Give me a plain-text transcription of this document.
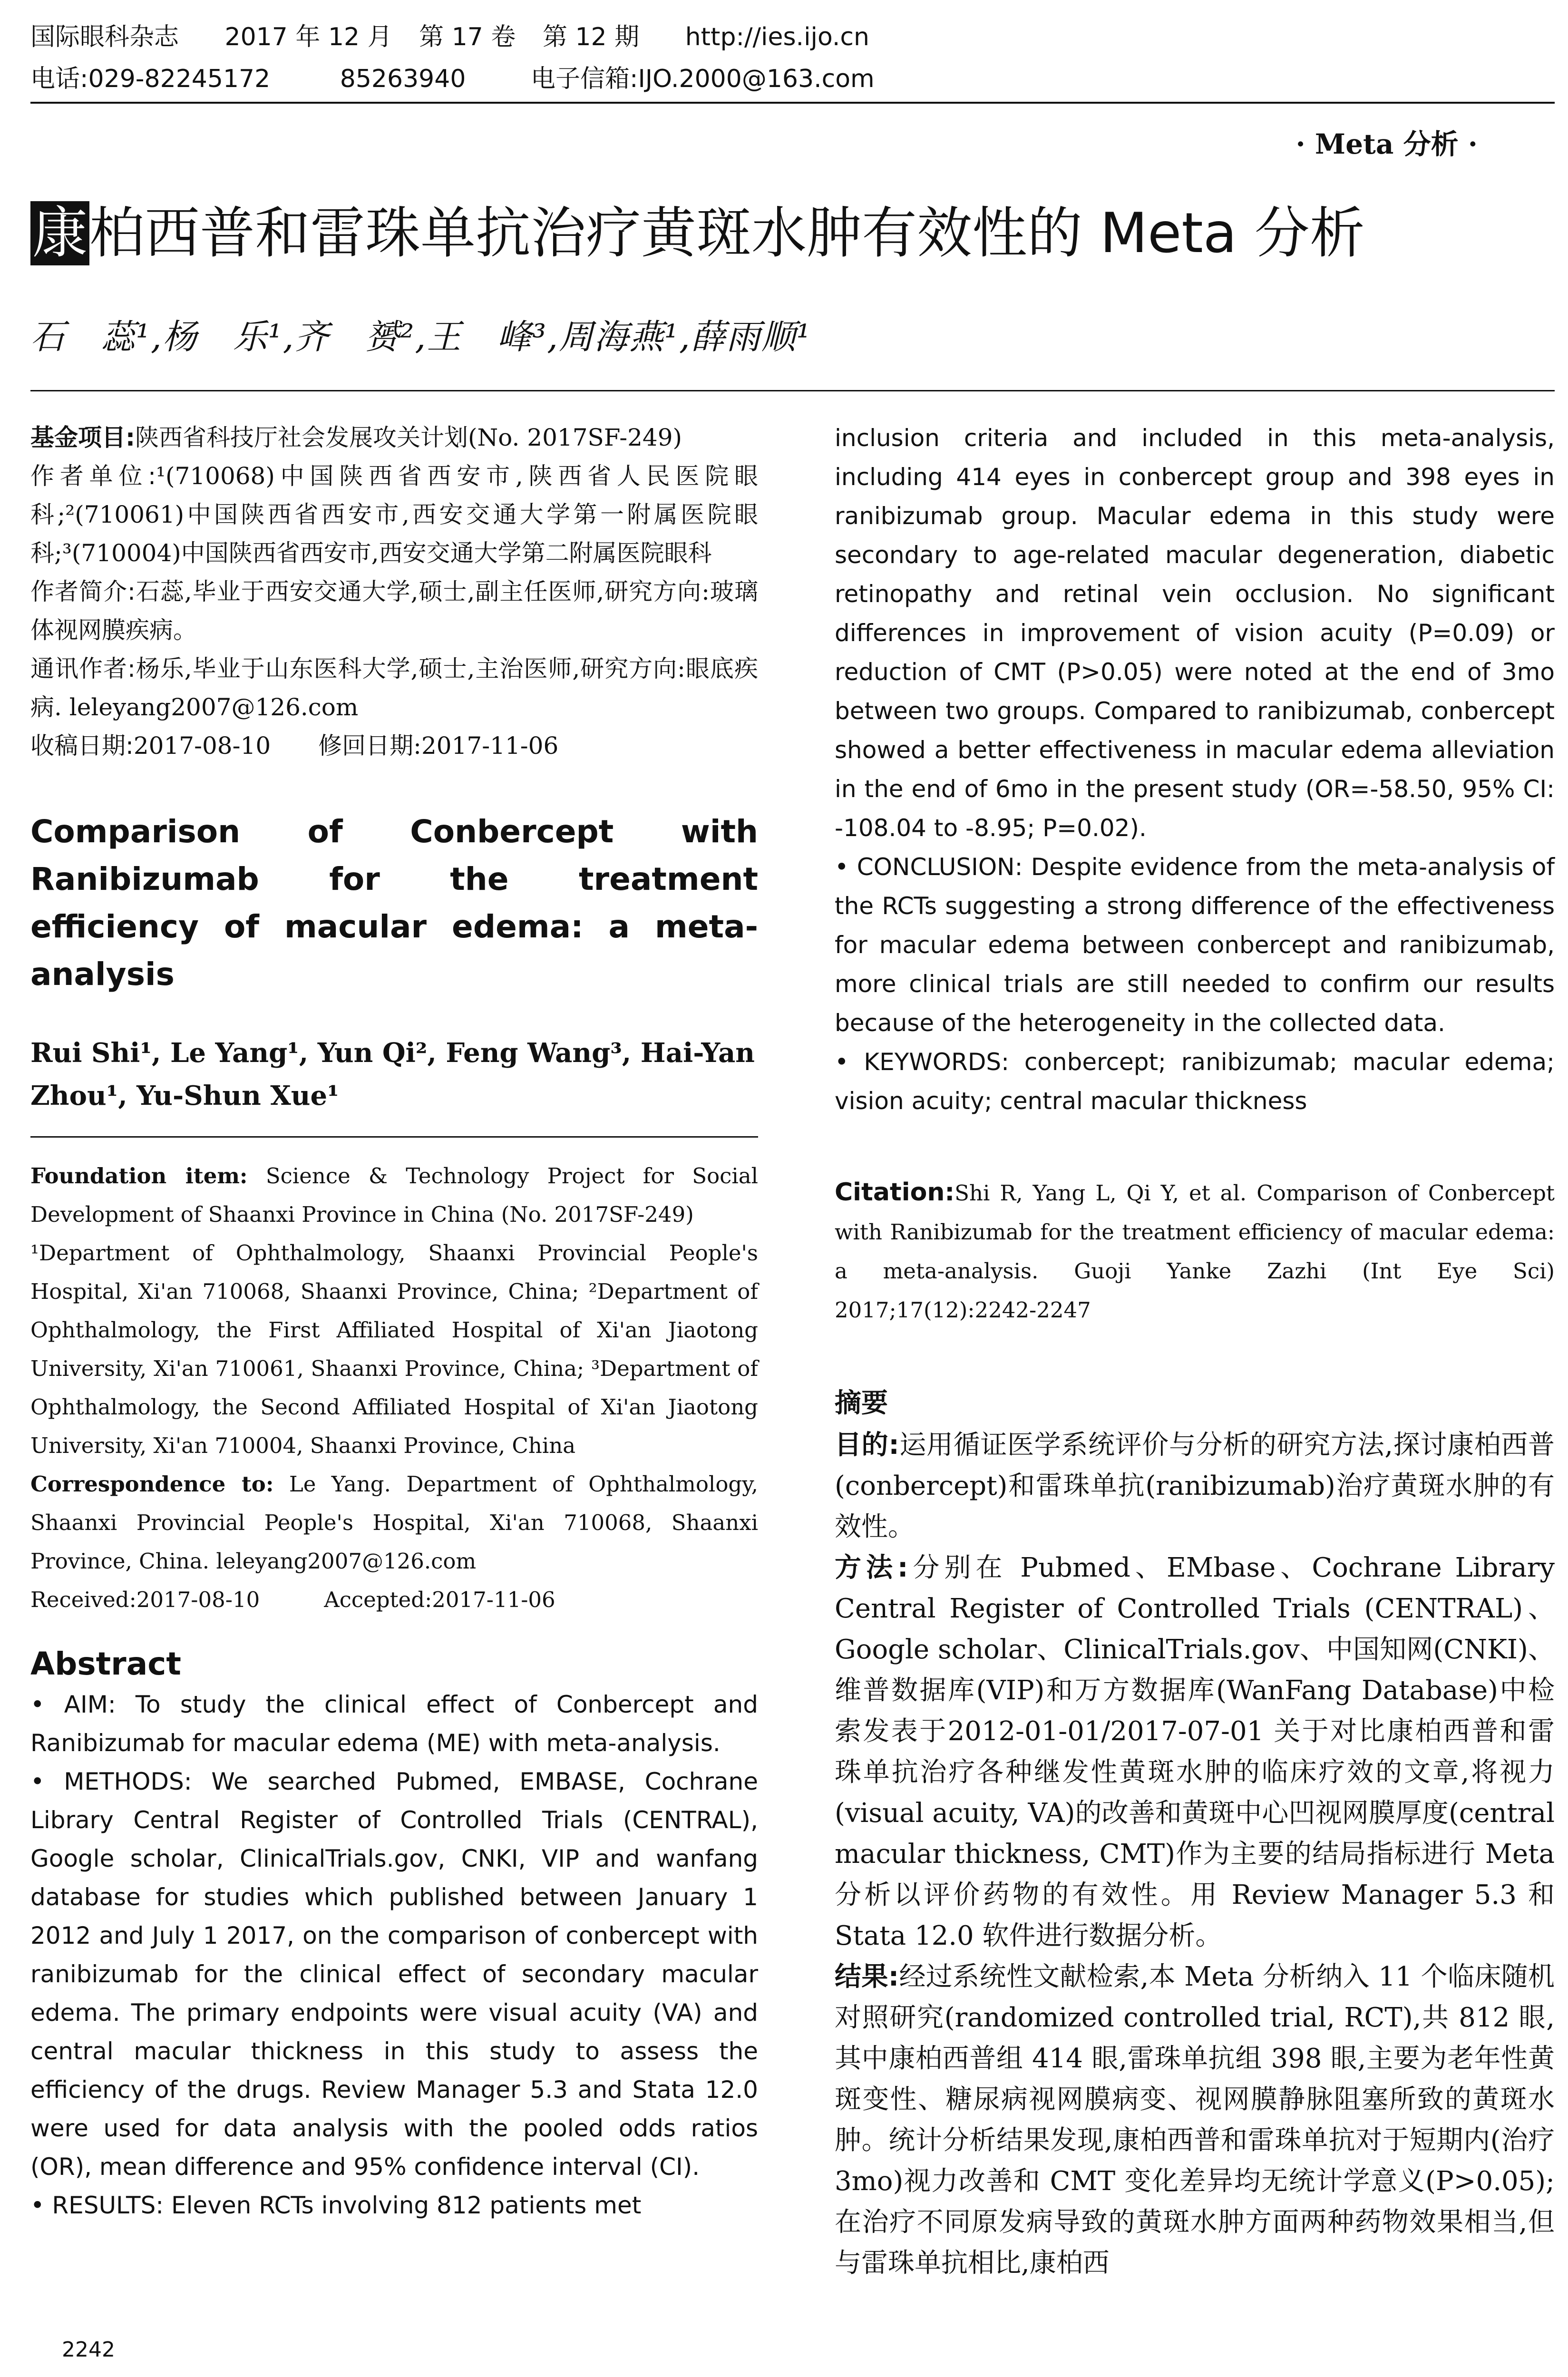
国际眼科杂志 2017 年 12 月 第 17 卷 第 12 期 http://ies.ijo.cn
电话:029-82245172	85263940	电子信箱:IJO.2000@163.com
· Meta 分析 ·
康柏西普和雷珠单抗治疗黄斑水肿有效性的 Meta 分析
石　蕊¹,杨　乐¹,齐　赟²,王　峰³,周海燕¹,薛雨顺¹

基金项目:陕西省科技厅社会发展攻关计划(No. 2017SF-249)

作者单位:¹(710068)中国陕西省西安市,陕西省人民医院眼科;²(710061)中国陕西省西安市,西安交通大学第一附属医院眼科;³(710004)中国陕西省西安市,西安交通大学第二附属医院眼科

作者简介:石蕊,毕业于西安交通大学,硕士,副主任医师,研究方向:玻璃体视网膜疾病。

通讯作者:杨乐,毕业于山东医科大学,硕士,主治医师,研究方向:眼底疾病. leleyang2007@126.com

收稿日期:2017-08-10　　修回日期:2017-11-06

Comparison of Conbercept with Ranibizumab for the treatment efficiency of macular edema: a meta-analysis
Rui Shi¹, Le Yang¹, Yun Qi², Feng Wang³, Hai-Yan Zhou¹, Yu-Shun Xue¹

Foundation item: Science & Technology Project for Social Development of Shaanxi Province in China (No. 2017SF-249)

¹Department of Ophthalmology, Shaanxi Provincial People's Hospital, Xi'an 710068, Shaanxi Province, China; ²Department of Ophthalmology, the First Affiliated Hospital of Xi'an Jiaotong University, Xi'an 710061, Shaanxi Province, China; ³Department of Ophthalmology, the Second Affiliated Hospital of Xi'an Jiaotong University, Xi'an 710004, Shaanxi Province, China

Correspondence to: Le Yang. Department of Ophthalmology, Shaanxi Provincial People's Hospital, Xi'an 710068, Shaanxi Province, China. leleyang2007@126.com

Received:2017-08-10　　　Accepted:2017-11-06

Abstract

• AIM: To study the clinical effect of Conbercept and Ranibizumab for macular edema (ME) with meta-analysis.

• METHODS: We searched Pubmed, EMBASE, Cochrane Library Central Register of Controlled Trials (CENTRAL), Google scholar, ClinicalTrials.gov, CNKI, VIP and wanfang database for studies which published between January 1 2012 and July 1 2017, on the comparison of conbercept with ranibizumab for the clinical effect of secondary macular edema. The primary endpoints were visual acuity (VA) and central macular thickness in this study to assess the efficiency of the drugs. Review Manager 5.3 and Stata 12.0 were used for data analysis with the pooled odds ratios (OR), mean difference and 95% confidence interval (CI).

• RESULTS: Eleven RCTs involving 812 patients met

inclusion criteria and included in this meta-analysis, including 414 eyes in conbercept group and 398 eyes in ranibizumab group. Macular edema in this study were secondary to age-related macular degeneration, diabetic retinopathy and retinal vein occlusion. No significant differences in improvement of vision acuity (P=0.09) or reduction of CMT (P>0.05) were noted at the end of 3mo between two groups. Compared to ranibizumab, conbercept showed a better effectiveness in macular edema alleviation in the end of 6mo in the present study (OR=-58.50, 95% CI: -108.04 to -8.95; P=0.02).

• CONCLUSION: Despite evidence from the meta-analysis of the RCTs suggesting a strong difference of the effectiveness for macular edema between conbercept and ranibizumab, more clinical trials are still needed to confirm our results because of the heterogeneity in the collected data.

• KEYWORDS: conbercept; ranibizumab; macular edema; vision acuity; central macular thickness

Citation:Shi R, Yang L, Qi Y, et al. Comparison of Conbercept with Ranibizumab for the treatment efficiency of macular edema: a meta-analysis. Guoji Yanke Zazhi (Int Eye Sci) 2017;17(12):2242-2247
摘要

目的:运用循证医学系统评价与分析的研究方法,探讨康柏西普(conbercept)和雷珠单抗(ranibizumab)治疗黄斑水肿的有效性。

方法:分别在 Pubmed、EMbase、Cochrane Library Central Register of Controlled Trials (CENTRAL)、Google scholar、ClinicalTrials.gov、中国知网(CNKI)、维普数据库(VIP)和万方数据库(WanFang Database)中检索发表于2012-01-01/2017-07-01 关于对比康柏西普和雷珠单抗治疗各种继发性黄斑水肿的临床疗效的文章,将视力(visual acuity, VA)的改善和黄斑中心凹视网膜厚度(central macular thickness, CMT)作为主要的结局指标进行 Meta 分析以评价药物的有效性。用 Review Manager 5.3 和 Stata 12.0 软件进行数据分析。

结果:经过系统性文献检索,本 Meta 分析纳入 11 个临床随机对照研究(randomized controlled trial, RCT),共 812 眼,其中康柏西普组 414 眼,雷珠单抗组 398 眼,主要为老年性黄斑变性、糖尿病视网膜病变、视网膜静脉阻塞所致的黄斑水肿。统计分析结果发现,康柏西普和雷珠单抗对于短期内(治疗 3mo)视力改善和 CMT 变化差异均无统计学意义(P>0.05);在治疗不同原发病导致的黄斑水肿方面两种药物效果相当,但与雷珠单抗相比,康柏西

2242
